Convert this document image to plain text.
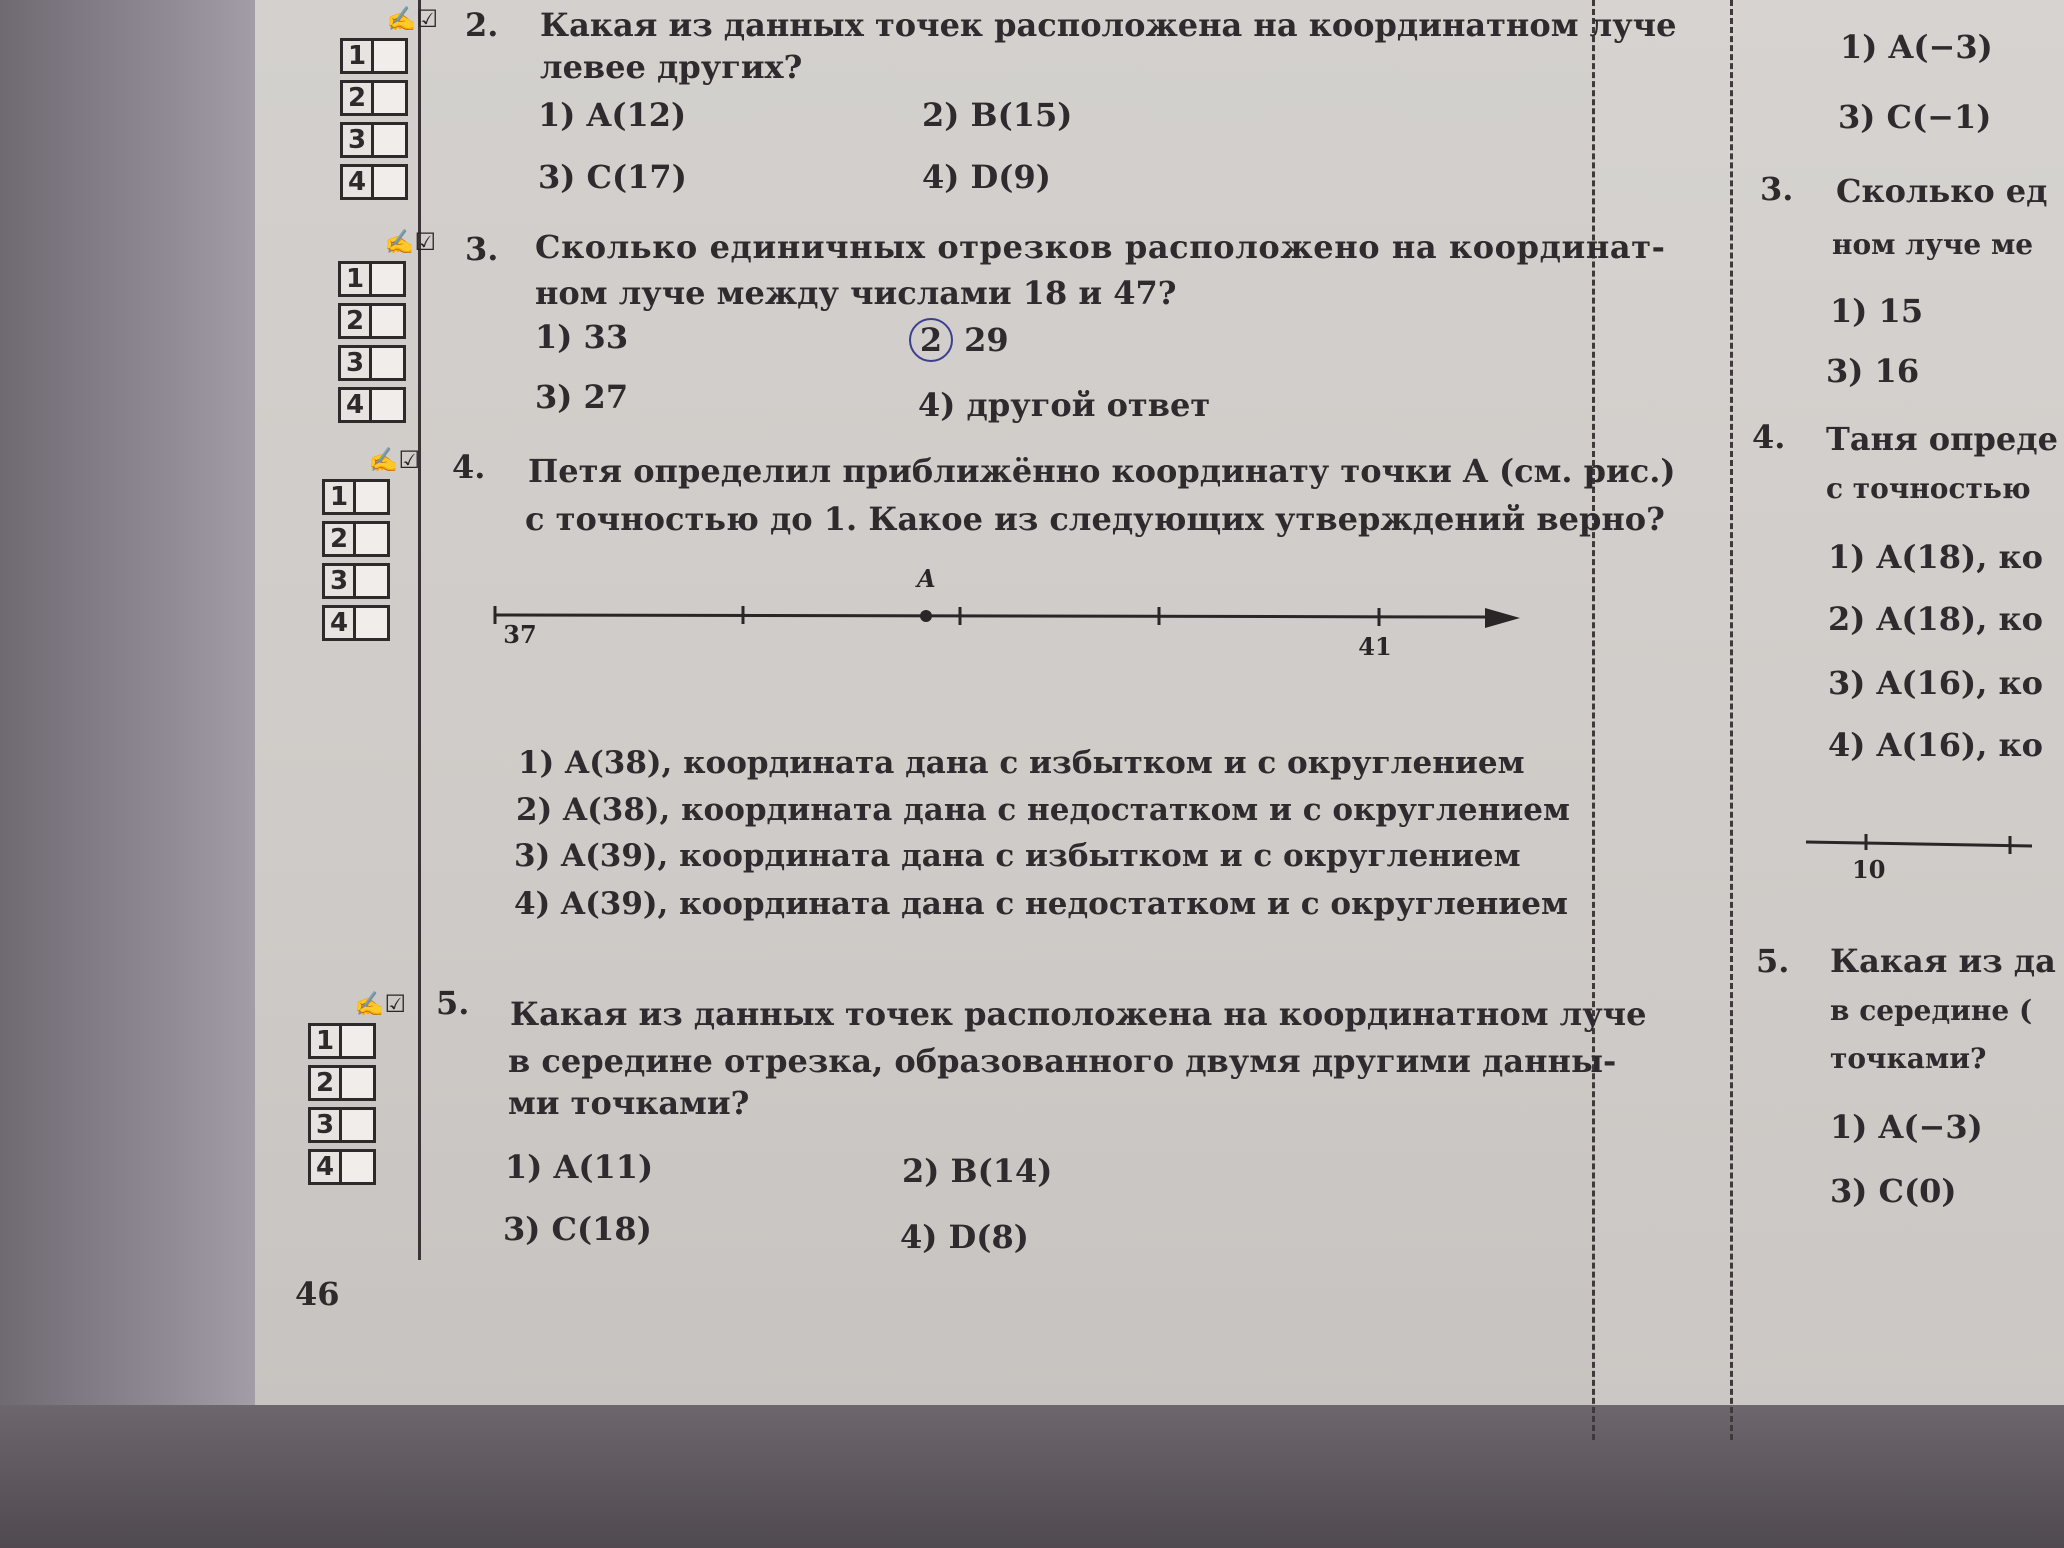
✍☑
1
2
3
4
✍☑
1
2
3
4
✍☑
1
2
3
4
✍☑
1
2
3
4
2. Какая из данных точек расположена на координатном луче
левее других?
1) A(12)	2) B(15)
3) C(17)	4) D(9)
3. Сколько единичных отрезков расположено на координат-
ном луче между числами 18 и 47?
1) 33	2 29
3) 27	4) другой ответ
4. Петя определил приближённо координату точки A (см. рис.)
с точностью до 1. Какое из следующих утверждений верно?
A
37	41
1) A(38), координата дана с избытком и с округлением
2) A(38), координата дана с недостатком и с округлением
3) A(39), координата дана с избытком и с округлением
4) A(39), координата дана с недостатком и с округлением
5. Какая из данных точек расположена на координатном луче
в середине отрезка, образованного двумя другими данны-
ми точками?
1) A(11)	2) B(14)
3) C(18)	4) D(8)
46
1) A(−3)
3) C(−1)
3. Сколько ед
ном луче ме
1) 15
3) 16
4. Таня опреде
с точностью
1) A(18), ко
2) A(18), ко
3) A(16), ко
4) A(16), ко
10
5. Какая из да
в середине (
точками?
1) A(−3)
3) C(0)
